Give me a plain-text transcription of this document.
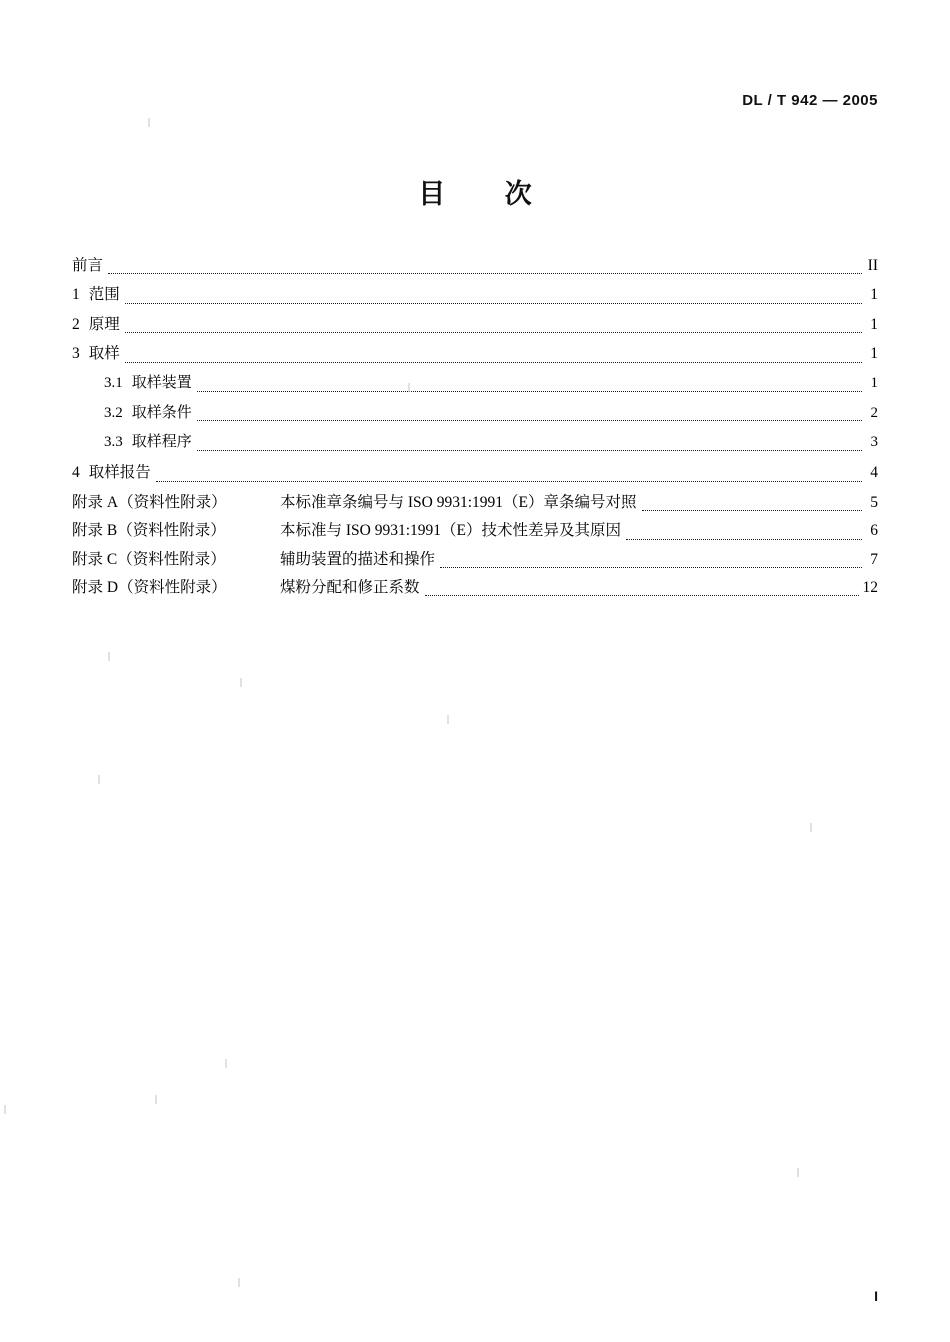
DL / T 942 — 2005
目 次
前言	II
1 范围	1
2 原理	1
3 取样	1
3.1 取样装置	1
3.2 取样条件	2
3.3 取样程序	3
4 取样报告	4
附录 A（资料性附录）	本标准章条编号与 ISO 9931:1991（E）章条编号对照	5
附录 B（资料性附录）	本标准与 ISO 9931:1991（E）技术性差异及其原因	6
附录 C（资料性附录）	辅助装置的描述和操作	7
附录 D（资料性附录）	煤粉分配和修正系数	12
I
